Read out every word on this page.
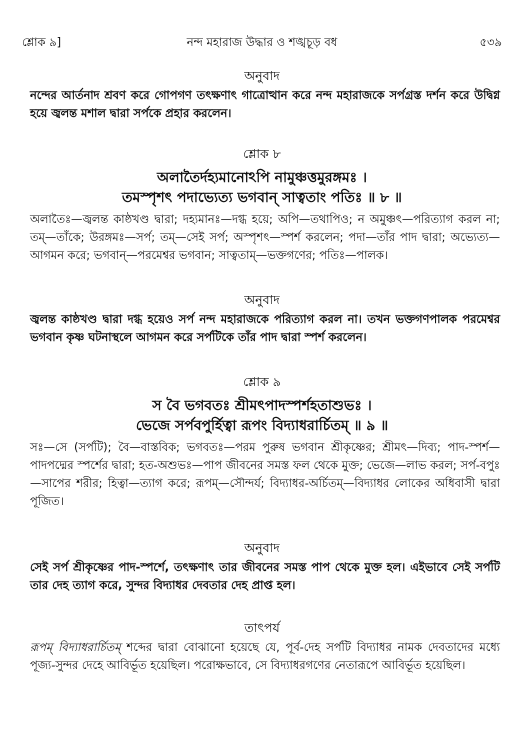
শ্লোক ৯]	নন্দ মহারাজ উদ্ধার ও শঙ্খচূড় বধ	৫৩৯
অনুবাদ

নন্দের আর্তনাদ শ্রবণ করে গোপগণ তৎক্ষণাৎ গাত্রোত্থান করে নন্দ মহারাজকে সর্পগ্রস্ত দর্শন করে উদ্বিগ্ন হয়ে জ্বলন্ত মশাল দ্বারা সর্পকে প্রহার করলেন।

শ্লোক ৮
অলাতৈর্দহ্যমানোঽপি নামুঞ্চত্তমুরঙ্গমঃ ।
তমস্পৃশৎ পদাভ্যেত্য ভগবান্ সাত্বতাং পতিঃ ॥ ৮ ॥

অলাতৈঃ—জ্বলন্ত কাষ্ঠখণ্ড দ্বারা; দহ্যমানঃ—দগ্ধ হয়ে; অপি—তথাপিও; ন অমুঞ্চৎ—পরিত্যাগ করল না; তম্—তাঁকে; উরঙ্গমঃ—সর্প; তম্—সেই সর্প; অস্পৃশৎ—স্পর্শ করলেন; পদা—তাঁর পাদ দ্বারা; অভ্যেত্য—আগমন করে; ভগবান্—পরমেশ্বর ভগবান; সাত্বতাম্—ভক্তগণের; পতিঃ—পালক।

অনুবাদ

জ্বলন্ত কাষ্ঠখণ্ড দ্বারা দগ্ধ হয়েও সর্প নন্দ মহারাজকে পরিত্যাগ করল না। তখন ভক্তগণপালক পরমেশ্বর ভগবান কৃষ্ণ ঘটনাস্থলে আগমন করে সর্পটিকে তাঁর পাদ দ্বারা স্পর্শ করলেন।

শ্লোক ৯
স বৈ ভগবতঃ শ্রীমৎপাদস্পর্শহতাশুভঃ ।
ভেজে সর্পবপুর্হিত্বা রূপং বিদ্যাধরার্চিতম্ ॥ ৯ ॥

সঃ—সে (সর্পটি); বৈ—বাস্তবিক; ভগবতঃ—পরম পুরুষ ভগবান শ্রীকৃষ্ণের; শ্রীমৎ—দিব্য; পাদ-স্পর্শ—পাদপদ্মের স্পর্শের দ্বারা; হত-অশুভঃ—পাপ জীবনের সমস্ত ফল থেকে মুক্ত; ভেজে—লাভ করল; সর্প-বপুঃ—সাপের শরীর; হিত্বা—ত্যাগ করে; রূপম্—সৌন্দর্য; বিদ্যাধর-অর্চিতম্—বিদ্যাধর লোকের অধিবাসী দ্বারা পূজিত।

অনুবাদ

সেই সর্প শ্রীকৃষ্ণের পাদ-স্পর্শে, তৎক্ষণাৎ তার জীবনের সমস্ত পাপ থেকে মুক্ত হল। এইভাবে সেই সর্পটি তার দেহ ত্যাগ করে, সুন্দর বিদ্যাধর দেবতার দেহ প্রাপ্ত হল।

তাৎপর্য

রূপম্ বিদ্যাধরার্চিতম্ শব্দের দ্বারা বোঝানো হয়েছে যে, পূর্ব-দেহ সর্পটি বিদ্যাধর নামক দেবতাদের মধ্যে পূজ্য-সুন্দর দেহে আবির্ভূত হয়েছিল। পরোক্ষভাবে, সে বিদ্যাধরগণের নেতারূপে আবির্ভূত হয়েছিল।
